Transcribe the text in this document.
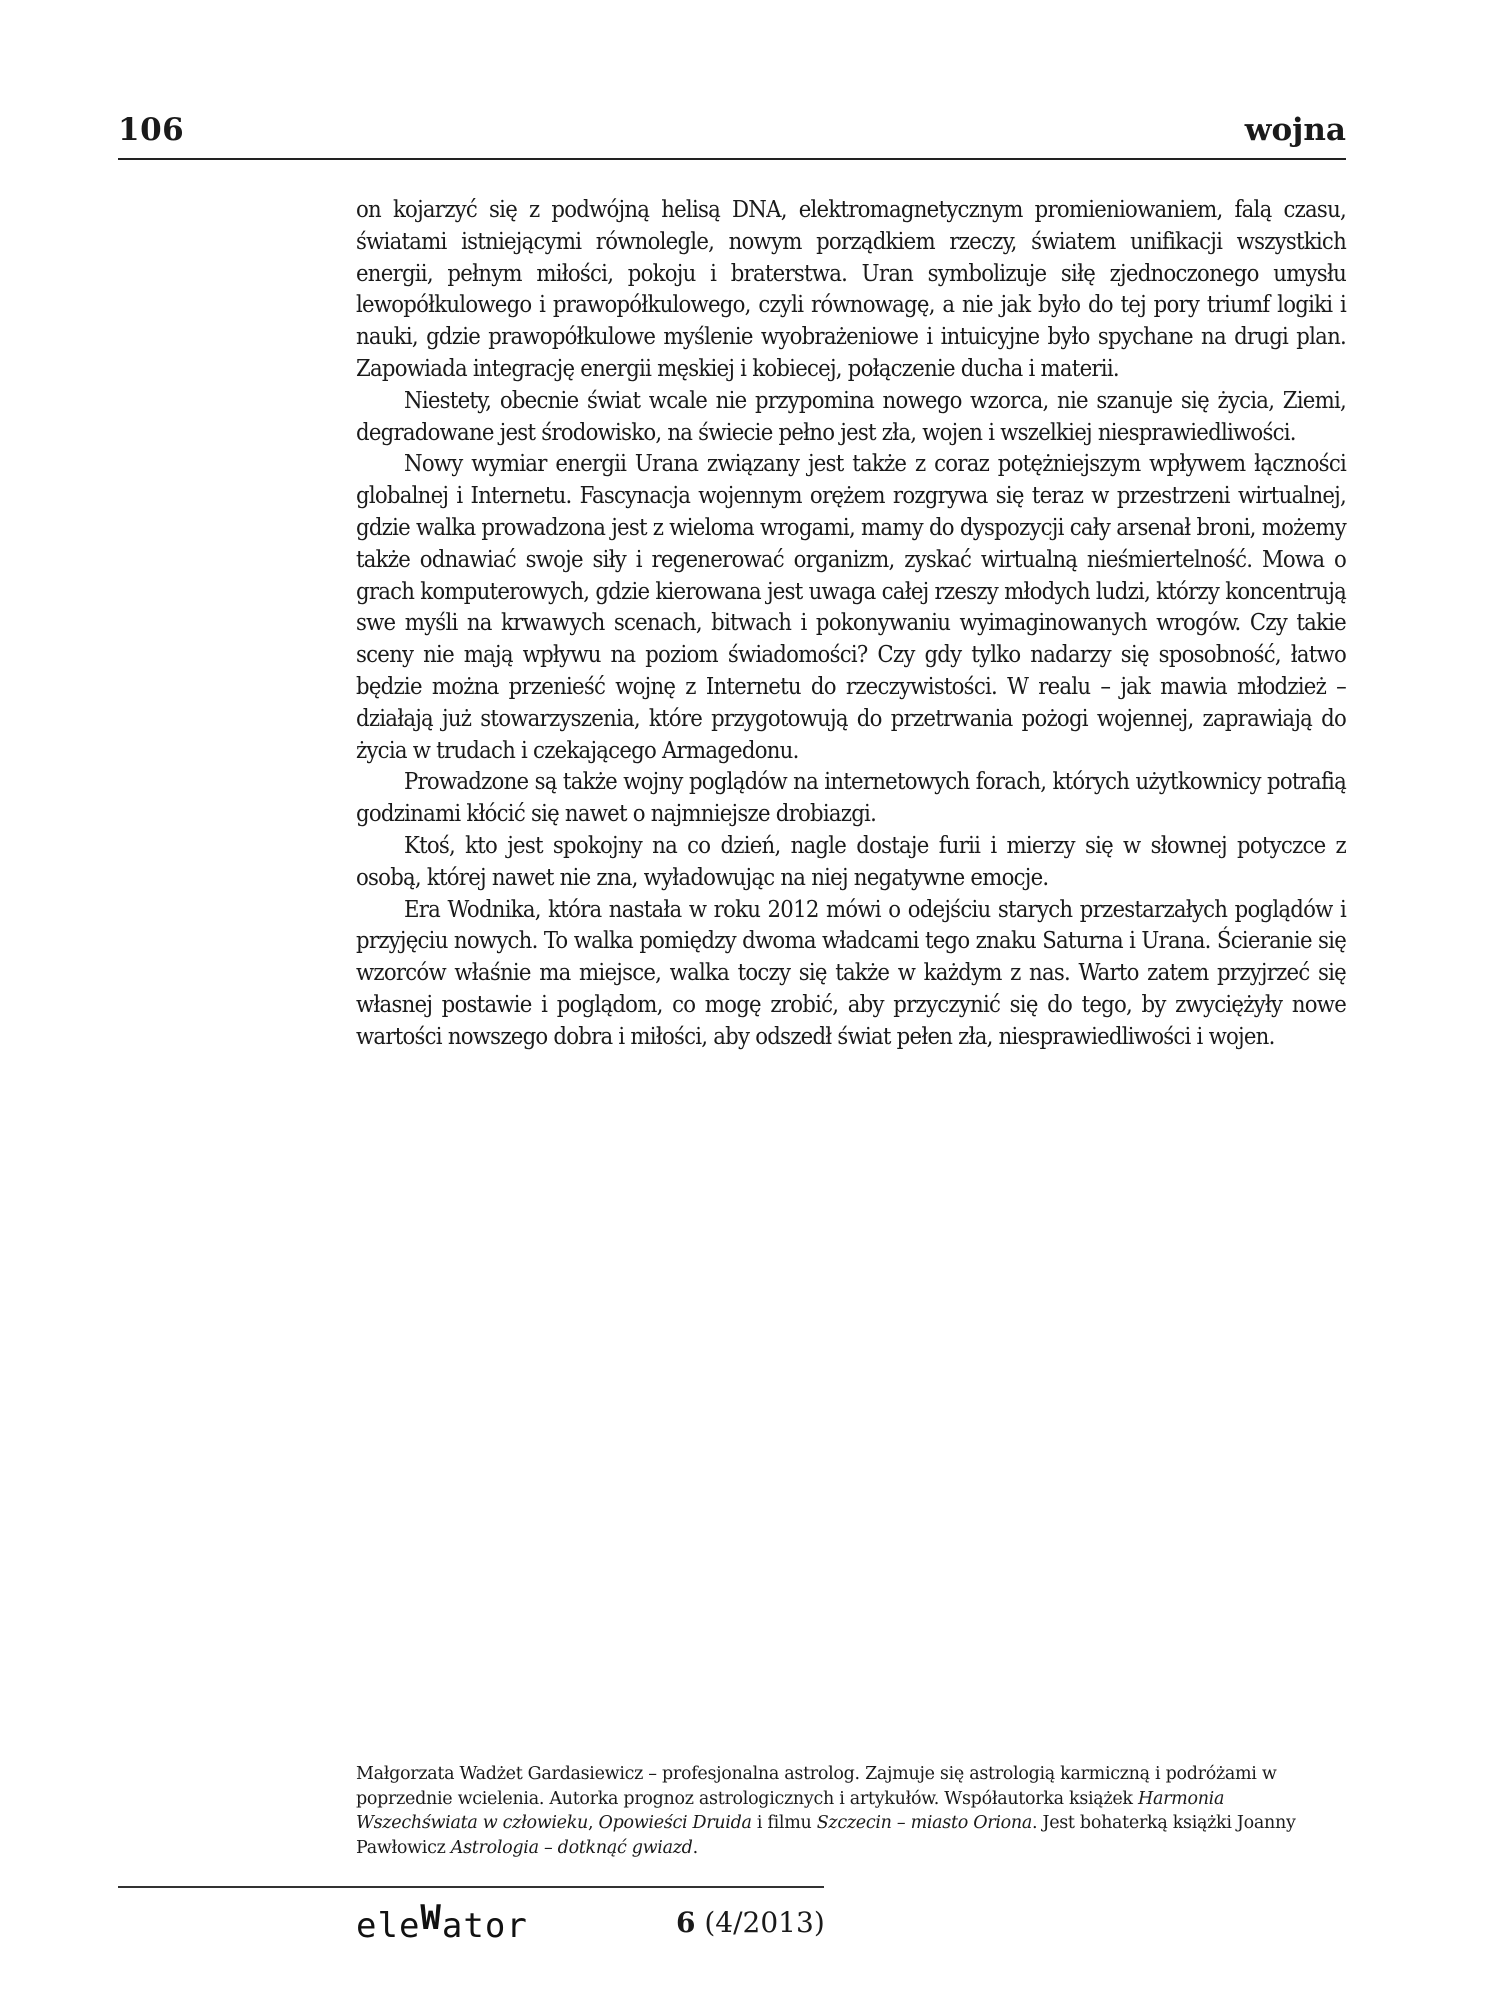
106	wojna

on kojarzyć się z podwójną helisą DNA, elektromagnetycznym promieniowaniem, falą czasu, światami istniejącymi równolegle, nowym porządkiem rzeczy, światem unifikacji wszystkich energii, pełnym miłości, pokoju i braterstwa. Uran symbolizuje siłę zjednoczonego umysłu lewopółkulowego i prawopółkulowego, czyli równowagę, a nie jak było do tej pory triumf logiki i nauki, gdzie prawopółkulowe myślenie wyobrażeniowe i intuicyjne było spychane na drugi plan. Zapowiada integrację energii męskiej i kobiecej, połączenie ducha i materii.

Niestety, obecnie świat wcale nie przypomina nowego wzorca, nie szanuje się życia, Ziemi, degradowane jest środowisko, na świecie pełno jest zła, wojen i wszelkiej niesprawiedliwości.

Nowy wymiar energii Urana związany jest także z coraz potężniejszym wpływem łączności globalnej i Internetu. Fascynacja wojennym orężem rozgrywa się teraz w przestrzeni wirtualnej, gdzie walka prowadzona jest z wieloma wrogami, mamy do dyspozycji cały arsenał broni, możemy także odnawiać swoje siły i regenerować organizm, zyskać wirtualną nieśmiertelność. Mowa o grach komputerowych, gdzie kierowana jest uwaga całej rzeszy młodych ludzi, którzy koncentrują swe myśli na krwawych scenach, bitwach i pokonywaniu wyimaginowanych wrogów. Czy takie sceny nie mają wpływu na poziom świadomości? Czy gdy tylko nadarzy się sposobność, łatwo będzie można przenieść wojnę z Internetu do rzeczywistości. W realu – jak mawia młodzież – działają już stowarzyszenia, które przygotowują do przetrwania pożogi wojennej, zaprawiają do życia w trudach i czekającego Armagedonu.

Prowadzone są także wojny poglądów na internetowych forach, których użytkownicy potrafią godzinami kłócić się nawet o najmniejsze drobiazgi.

Ktoś, kto jest spokojny na co dzień, nagle dostaje furii i mierzy się w słownej potyczce z osobą, której nawet nie zna, wyładowując na niej negatywne emocje.

Era Wodnika, która nastała w roku 2012 mówi o odejściu starych przestarzałych poglądów i przyjęciu nowych. To walka pomiędzy dwoma władcami tego znaku Saturna i Urana. Ścieranie się wzorców właśnie ma miejsce, walka toczy się także w każdym z nas. Warto zatem przyjrzeć się własnej postawie i poglądom, co mogę zrobić, aby przyczynić się do tego, by zwyciężyły nowe wartości nowszego dobra i miłości, aby odszedł świat pełen zła, niesprawiedliwości i wojen.

Małgorzata Wadżet Gardasiewicz – profesjonalna astrolog. Zajmuje się astrologią karmiczną i podróżami w poprzednie wcielenia. Autorka prognoz astrologicznych i artykułów. Współautorka książek Harmonia Wszechświata w człowieku, Opowieści Druida i filmu Szczecin – miasto Oriona. Jest bohaterką książki Joanny Pawłowicz Astrologia – dotknąć gwiazd.
eleWator	6 (4/2013)
